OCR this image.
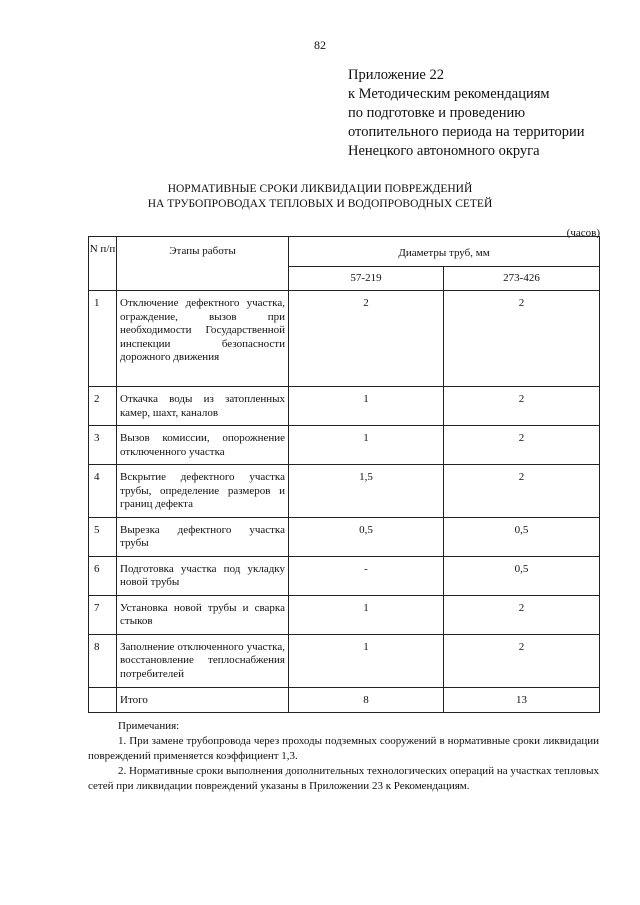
82
Приложение 22
к Методическим рекомендациям
по подготовке и проведению
отопительного периода на территории
Ненецкого автономного округа
НОРМАТИВНЫЕ СРОКИ ЛИКВИДАЦИИ ПОВРЕЖДЕНИЙ
НА ТРУБОПРОВОДАХ ТЕПЛОВЫХ И ВОДОПРОВОДНЫХ СЕТЕЙ
(часов)
N п/п	Этапы работы	Диаметры труб, мм	
		57-219	273-426
1	Отключение дефектного участка, ограждение, вызов при необходимости Государственной инспекции безопасности дорожного движения	2	2
2	Откачка воды из затопленных камер, шахт, каналов	1	2
3	Вызов комиссии, опорожнение отключенного участка	1	2
4	Вскрытие дефектного участка трубы, определение размеров и границ дефекта	1,5	2
5	Вырезка дефектного участка трубы	0,5	0,5
6	Подготовка участка под укладку новой трубы	-	0,5
7	Установка новой трубы и сварка стыков	1	2
8	Заполнение отключенного участка, восстановление теплоснабжения потребителей	1	2
	Итого	8	13

Примечания:

1. При замене трубопровода через проходы подземных сооружений в нормативные сроки ликвидации повреждений применяется коэффициент 1,3.

2. Нормативные сроки выполнения дополнительных технологических операций на участках тепловых сетей при ликвидации повреждений указаны в Приложении 23 к Рекомендациям.
